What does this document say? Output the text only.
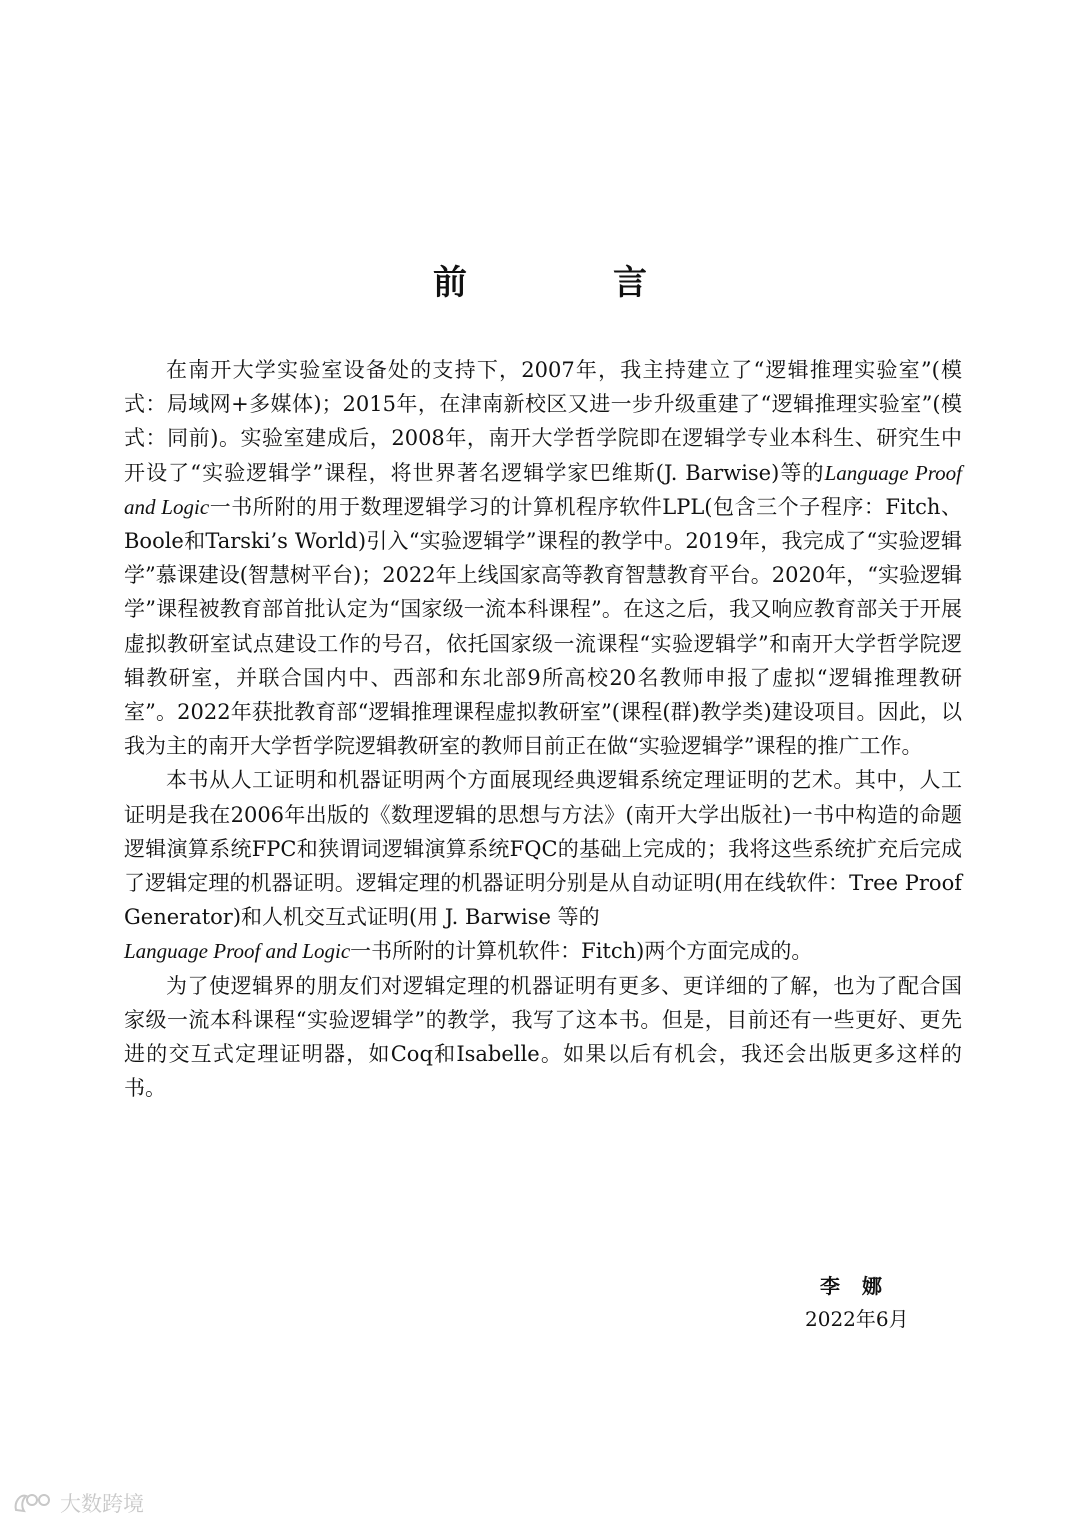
前　言

在南开大学实验室设备处的支持下，2007年，我主持建立了“逻辑推理实验室”(模式：局域网+多媒体)；2015年，在津南新校区又进一步升级重建了“逻辑推理实验室”(模式：同前)。实验室建成后，2008年，南开大学哲学院即在逻辑学专业本科生、研究生中开设了“实验逻辑学”课程，将世界著名逻辑学家巴维斯(J. Barwise)等的Language Proof and Logic一书所附的用于数理逻辑学习的计算机程序软件LPL(包含三个子程序：Fitch、Boole和Tarski’s World)引入“实验逻辑学”课程的教学中。2019年，我完成了“实验逻辑学”慕课建设(智慧树平台)；2022年上线国家高等教育智慧教育平台。2020年，“实验逻辑学”课程被教育部首批认定为“国家级一流本科课程”。在这之后，我又响应教育部关于开展虚拟教研室试点建设工作的号召，依托国家级一流课程“实验逻辑学”和南开大学哲学院逻辑教研室，并联合国内中、西部和东北部9所高校20名教师申报了虚拟“逻辑推理教研室”。2022年获批教育部“逻辑推理课程虚拟教研室”(课程(群)教学类)建设项目。因此，以我为主的南开大学哲学院逻辑教研室的教师目前正在做“实验逻辑学”课程的推广工作。

本书从人工证明和机器证明两个方面展现经典逻辑系统定理证明的艺术。其中，人工证明是我在2006年出版的《数理逻辑的思想与方法》(南开大学出版社)一书中构造的命题逻辑演算系统FPC和狭谓词逻辑演算系统FQC的基础上完成的；我将这些系统扩充后完成了逻辑定理的机器证明。逻辑定理的机器证明分别是从自动证明(用在线软件：Tree Proof Generator)和人机交互式证明(用 J. Barwise 等的
Language Proof and Logic一书所附的计算机软件：Fitch)两个方面完成的。

为了使逻辑界的朋友们对逻辑定理的机器证明有更多、更详细的了解，也为了配合国家级一流本科课程“实验逻辑学”的教学，我写了这本书。但是，目前还有一些更好、更先进的交互式定理证明器，如Coq和Isabelle。如果以后有机会，我还会出版更多这样的书。

李娜
2022年6月
大数跨境
